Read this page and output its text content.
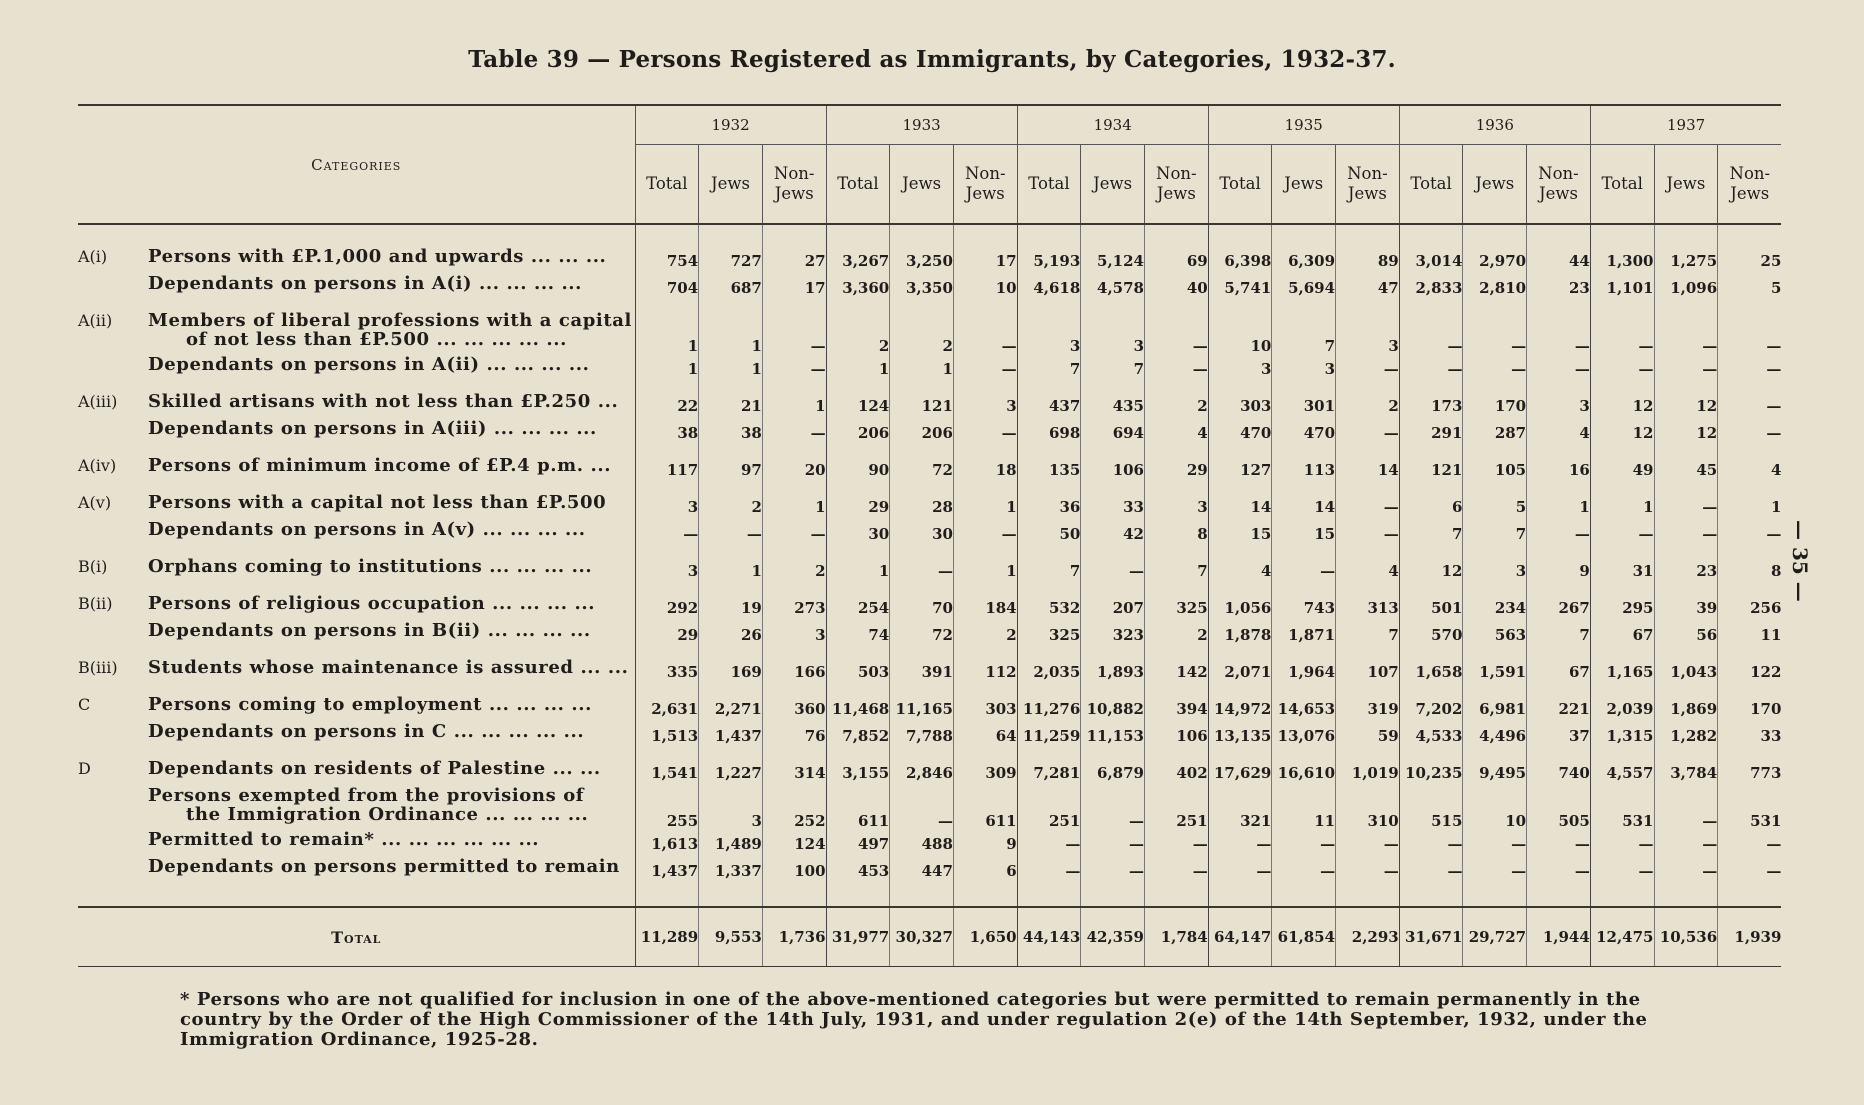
Table 39 — Persons Registered as Immigrants, by Categories, 1932-37.
Categories		1932			1933			1934			1935			1936			1937		
		Total	Jews	Non-
Jews	Total	Jews	Non-
Jews	Total	Jews	Non-
Jews	Total	Jews	Non-
Jews	Total	Jews	Non-
Jews	Total	Jews	Non-
Jews

A(i)	Persons with £P.1,000 and upwards ... ... ...	754	727	27	3,267	3,250	17	5,193	5,124	69	6,398	6,309	89	3,014	2,970	44	1,300	1,275	25

	Dependants on persons in A(i) ... ... ... ...	704	687	17	3,360	3,350	10	4,618	4,578	40	5,741	5,694	47	2,833	2,810	23	1,101	1,096	5

A(ii)	Members of liberal professions with a capital
of not less than £P.500 ... ... ... ... ...	1	1	—	2	2	—	3	3	—	10	7	3	—	—	—	—	—	—

	Dependants on persons in A(ii) ... ... ... ...	1	1	—	1	1	—	7	7	—	3	3	—	—	—	—	—	—	—

A(iii)	Skilled artisans with not less than £P.250 ...	22	21	1	124	121	3	437	435	2	303	301	2	173	170	3	12	12	—

	Dependants on persons in A(iii) ... ... ... ...	38	38	—	206	206	—	698	694	4	470	470	—	291	287	4	12	12	—

A(iv)	Persons of minimum income of £P.4 p.m. ...	117	97	20	90	72	18	135	106	29	127	113	14	121	105	16	49	45	4

A(v)	Persons with a capital not less than £P.500	3	2	1	29	28	1	36	33	3	14	14	—	6	5	1	1	—	1

	Dependants on persons in A(v) ... ... ... ...	—	—	—	30	30	—	50	42	8	15	15	—	7	7	—	—	—	—

B(i)	Orphans coming to institutions ... ... ... ...	3	1	2	1	—	1	7	—	7	4	—	4	12	3	9	31	23	8

B(ii)	Persons of religious occupation ... ... ... ...	292	19	273	254	70	184	532	207	325	1,056	743	313	501	234	267	295	39	256

	Dependants on persons in B(ii) ... ... ... ...	29	26	3	74	72	2	325	323	2	1,878	1,871	7	570	563	7	67	56	11

B(iii)	Students whose maintenance is assured ... ...	335	169	166	503	391	112	2,035	1,893	142	2,071	1,964	107	1,658	1,591	67	1,165	1,043	122

C	Persons coming to employment ... ... ... ...	2,631	2,271	360	11,468	11,165	303	11,276	10,882	394	14,972	14,653	319	7,202	6,981	221	2,039	1,869	170

	Dependants on persons in C ... ... ... ... ...	1,513	1,437	76	7,852	7,788	64	11,259	11,153	106	13,135	13,076	59	4,533	4,496	37	1,315	1,282	33

D	Dependants on residents of Palestine ... ...	1,541	1,227	314	3,155	2,846	309	7,281	6,879	402	17,629	16,610	1,019	10,235	9,495	740	4,557	3,784	773

	Persons exempted from the provisions of
the Immigration Ordinance ... ... ... ...	255	3	252	611	—	611	251	—	251	321	11	310	515	10	505	531	—	531

	Permitted to remain* ... ... ... ... ... ...	1,613	1,489	124	497	488	9	—	—	—	—	—	—	—	—	—	—	—	—

	Dependants on persons permitted to remain	1,437	1,337	100	453	447	6	—	—	—	—	—	—	—	—	—	—	—	—

Total		11,289	9,553	1,736	31,977	30,327	1,650	44,143	42,359	1,784	64,147	61,854	2,293	31,671	29,727	1,944	12,475	10,536	1,939
* Persons who are not qualified for inclusion in one of the above-mentioned categories but were permitted to remain permanently in the country by the Order of the High Commissioner of the 14th July, 1931, and under regulation 2(e) of the 14th September, 1932, under the Immigration Ordinance, 1925-28.
— 35 —
